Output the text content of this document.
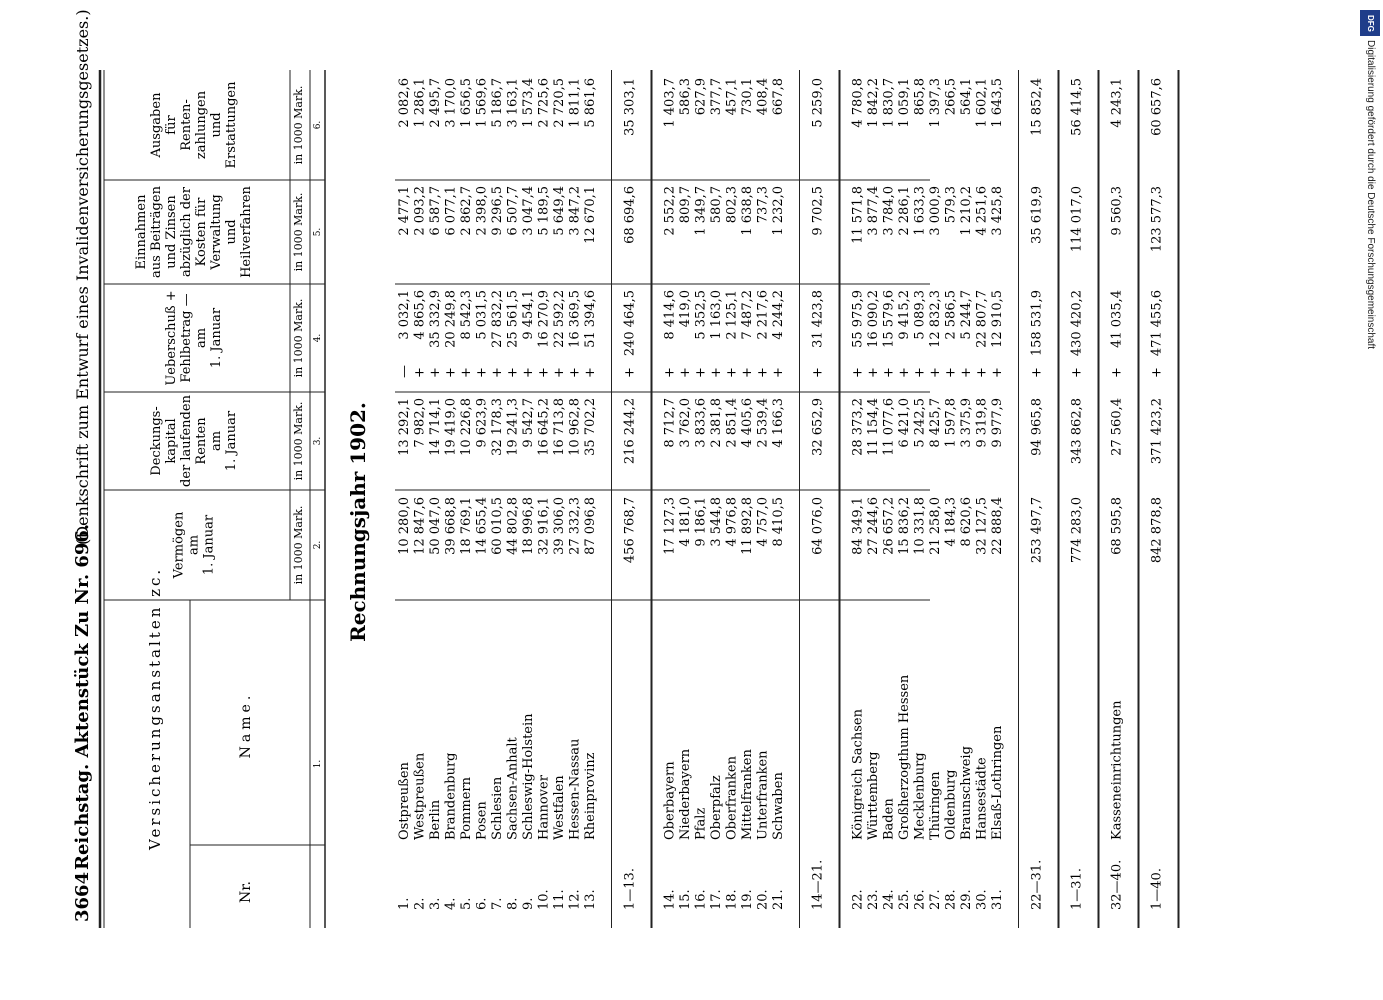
3664
Reichstag. Aktenstück Zu Nr. 696.
(Denkschrift zum Entwurf eines Invalidenversicherungsgesetzes.)
Versicherungsanstalten zc.
Nr.
Name.
in 1000 Mark.
in 1000 Mark.
in 1000 Mark.
in 1000 Mark.
in 1000 Mark.
1.
2.
3.
4.
5.
6.
Vermögen am 1. Januar
Deckungs- kapital der laufenden Renten am 1. Januar
Ueberschuß + Fehlbetrag — am 1. Januar
Einnahmen aus Beiträgen und Zinsen abzüglich der Kosten für Verwaltung und Heilverfahren
Ausgaben für Renten- zahlungen und Erstattungen
Rechnungsjahr 1902.
1.
Ostpreußen
10 280,0
13 292,1
—
3 032,1
2 477,1
2 082,6
2.
Westpreußen
12 847,6
7 982,0
+
4 865,6
2 093,2
1 286,1
3.
Berlin
50 047,0
14 714,1
+
35 332,9
6 587,7
2 495,7
4.
Brandenburg
39 668,8
19 419,0
+
20 249,8
6 077,1
3 170,0
5.
Pommern
18 769,1
10 226,8
+
8 542,3
2 862,7
1 656,5
6.
Posen
14 655,4
9 623,9
+
5 031,5
2 398,0
1 569,6
7.
Schlesien
60 010,5
32 178,3
+
27 832,2
9 296,5
5 186,7
8.
Sachsen-Anhalt
44 802,8
19 241,3
+
25 561,5
6 507,7
3 163,1
9.
Schleswig-Holstein
18 996,8
9 542,7
+
9 454,1
3 047,4
1 573,4
10.
Hannover
32 916,1
16 645,2
+
16 270,9
5 189,5
2 725,6
11.
Westfalen
39 306,0
16 713,8
+
22 592,2
5 649,4
2 720,5
12.
Hessen-Nassau
27 332,3
10 962,8
+
16 369,5
3 847,2
1 811,1
13.
Rheinprovinz
87 096,8
35 702,2
+
51 394,6
12 670,1
5 861,6
1—13.
456 768,7
216 244,2
+
240 464,5
68 694,6
35 303,1
14.
Oberbayern
17 127,3
8 712,7
+
8 414,6
2 552,2
1 403,7
15.
Niederbayern
4 181,0
3 762,0
+
419,0
809,7
586,3
16.
Pfalz
9 186,1
3 833,6
+
5 352,5
1 349,7
627,9
17.
Oberpfalz
3 544,8
2 381,8
+
1 163,0
580,7
377,7
18.
Oberfranken
4 976,8
2 851,4
+
2 125,1
802,3
457,1
19.
Mittelfranken
11 892,8
4 405,6
+
7 487,2
1 638,8
730,1
20.
Unterfranken
4 757,0
2 539,4
+
2 217,6
737,3
408,4
21.
Schwaben
8 410,5
4 166,3
+
4 244,2
1 232,0
667,8
14—21.
64 076,0
32 652,9
+
31 423,8
9 702,5
5 259,0
22.
Königreich Sachsen
84 349,1
28 373,2
+
55 975,9
11 571,8
4 780,8
23.
Württemberg
27 244,6
11 154,4
+
16 090,2
3 877,4
1 842,2
24.
Baden
26 657,2
11 077,6
+
15 579,6
3 784,0
1 830,7
25.
Großherzogthum Hessen
15 836,2
6 421,0
+
9 415,2
2 286,1
1 059,1
26.
Mecklenburg
10 331,8
5 242,5
+
5 089,3
1 633,3
865,8
27.
Thüringen
21 258,0
8 425,7
+
12 832,3
3 000,9
1 397,3
28.
Oldenburg
4 184,3
1 597,8
+
2 586,5
579,3
266,5
29.
Braunschweig
8 620,6
3 375,9
+
5 244,7
1 210,2
564,1
30.
Hansestädte
32 127,5
9 319,8
+
22 807,7
4 251,6
1 602,1
31.
Elsaß-Lothringen
22 888,4
9 977,9
+
12 910,5
3 425,8
1 643,5
22—31.
253 497,7
94 965,8
+
158 531,9
35 619,9
15 852,4
1—31.
774 283,0
343 862,8
+
430 420,2
114 017,0
56 414,5
32—40.
Kasseneinrichtungen
68 595,8
27 560,4
+
41 035,4
9 560,3
4 243,1
1—40.
842 878,8
371 423,2
+
471 455,6
123 577,3
60 657,6
DFG
Digitalisierung gefördert durch die Deutsche Forschungsgemeinschaft
